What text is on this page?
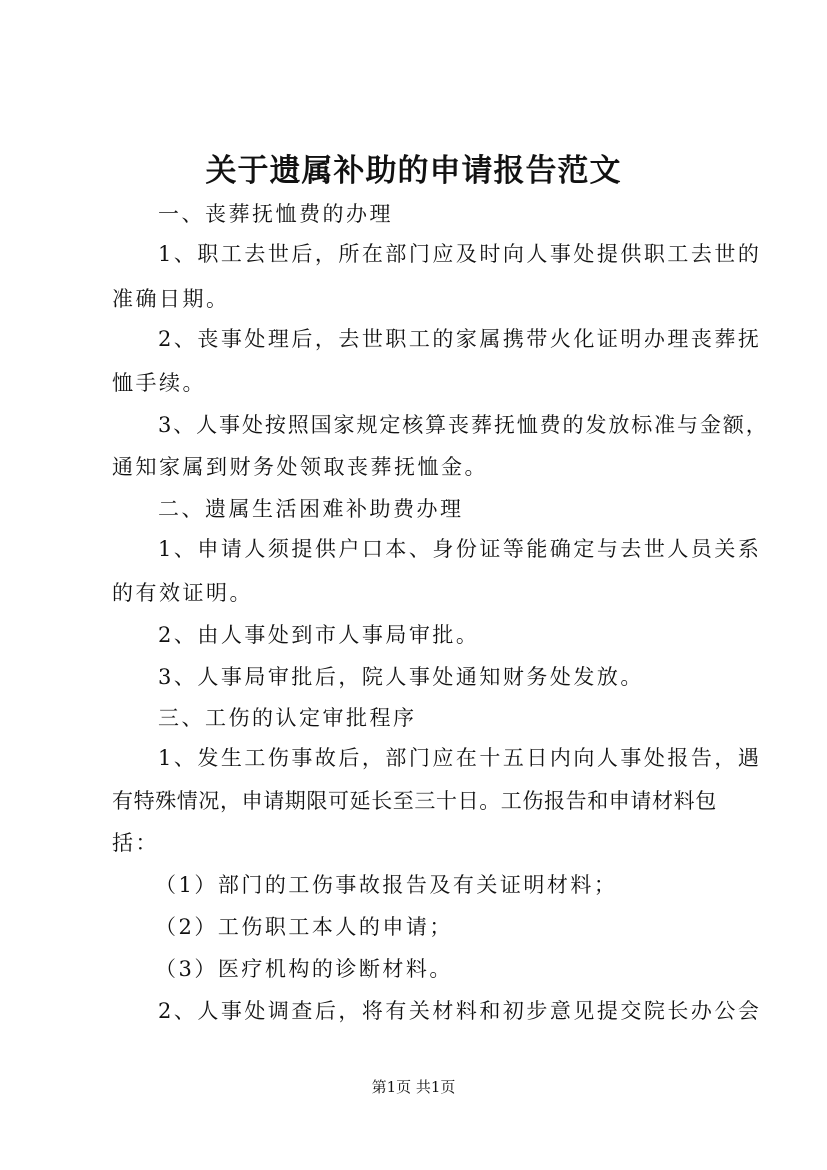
关于遗属补助的申请报告范文

一、丧葬抚恤费的办理

1、职工去世后，所在部门应及时向人事处提供职工去世的

准确日期。

2、丧事处理后，去世职工的家属携带火化证明办理丧葬抚

恤手续。

3、人事处按照国家规定核算丧葬抚恤费的发放标准与金额，

通知家属到财务处领取丧葬抚恤金。

二、遗属生活困难补助费办理

1、申请人须提供户口本、身份证等能确定与去世人员关系

的有效证明。

2、由人事处到市人事局审批。

3、人事局审批后，院人事处通知财务处发放。

三、工伤的认定审批程序

1、发生工伤事故后，部门应在十五日内向人事处报告，遇

有特殊情况，申请期限可延长至三十日。工伤报告和申请材料包

括：

（1）部门的工伤事故报告及有关证明材料；

（2）工伤职工本人的申请；

（3）医疗机构的诊断材料。

2、人事处调查后，将有关材料和初步意见提交院长办公会

第1页 共1页
